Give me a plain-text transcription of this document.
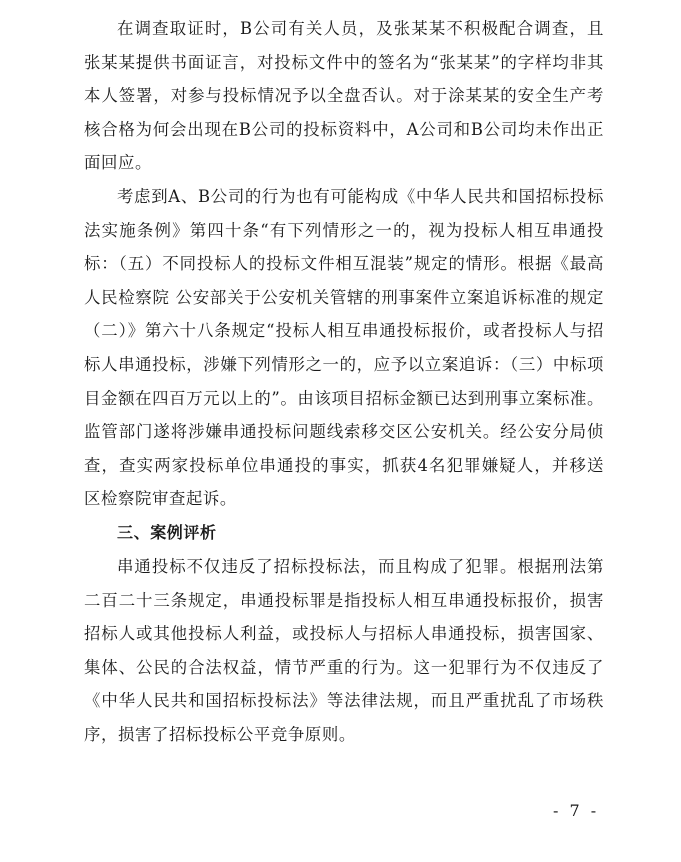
在调查取证时，B公司有关人员，及张某某不积极配合调查，且张某某提供书面证言，对投标文件中的签名为“张某某”的字样均非其本人签署，对参与投标情况予以全盘否认。对于涂某某的安全生产考核合格为何会出现在B公司的投标资料中，A公司和B公司均未作出正面回应。

考虑到A、B公司的行为也有可能构成《中华人民共和国招标投标法实施条例》第四十条“有下列情形之一的，视为投标人相互串通投标：（五）不同投标人的投标文件相互混装”规定的情形。根据《最高人民检察院 公安部关于公安机关管辖的刑事案件立案追诉标准的规定（二）》第六十八条规定“投标人相互串通投标报价，或者投标人与招标人串通投标，涉嫌下列情形之一的，应予以立案追诉：（三）中标项目金额在四百万元以上的”。由该项目招标金额已达到刑事立案标准。监管部门遂将涉嫌串通投标问题线索移交区公安机关。经公安分局侦查，查实两家投标单位串通投的事实，抓获4名犯罪嫌疑人，并移送区检察院审查起诉。

三、案例评析

串通投标不仅违反了招标投标法，而且构成了犯罪。根据刑法第二百二十三条规定，串通投标罪是指投标人相互串通投标报价，损害招标人或其他投标人利益，或投标人与招标人串通投标，损害国家、集体、公民的合法权益，情节严重的行为。这一犯罪行为不仅违反了《中华人民共和国招标投标法》等法律法规，而且严重扰乱了市场秩序，损害了招标投标公平竞争原则。

- 7 -
